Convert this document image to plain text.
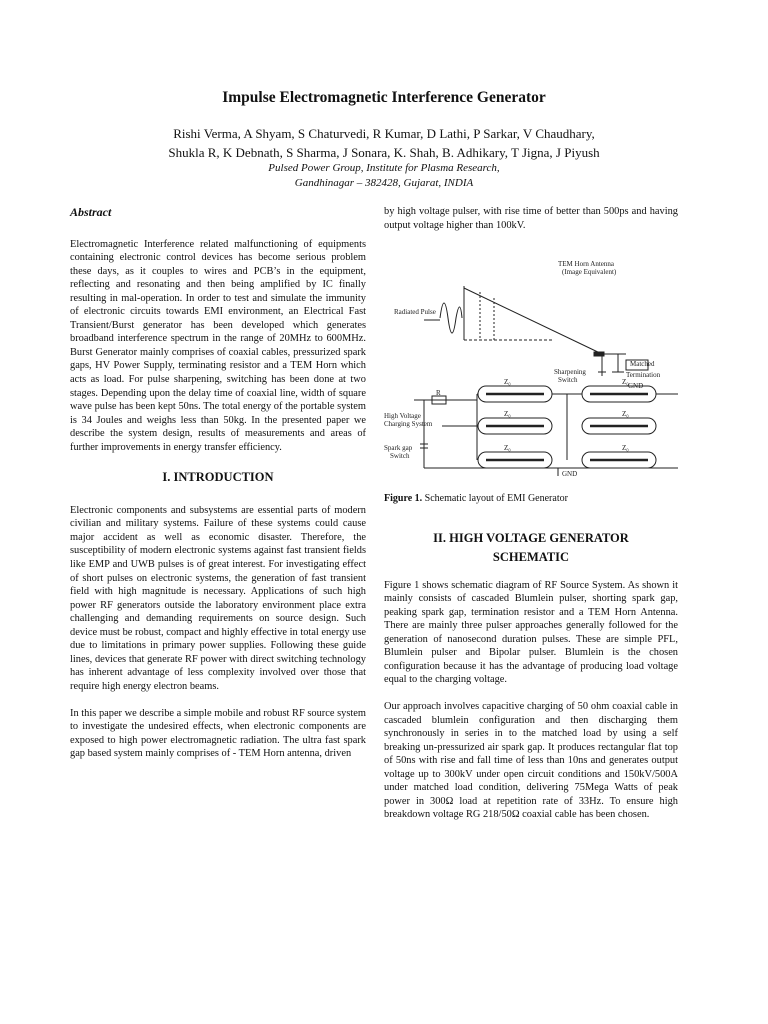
Impulse Electromagnetic Interference Generator
Rishi Verma, A Shyam, S Chaturvedi, R Kumar, D Lathi, P Sarkar, V Chaudhary,
Shukla R, K Debnath, S Sharma, J Sonara, K. Shah, B. Adhikary, T Jigna, J Piyush
Pulsed Power Group, Institute for Plasma Research,
Gandhinagar – 382428, Gujarat, INDIA
Abstract

Electromagnetic Interference related malfunctioning of equipments containing electronic control devices has become serious problem these days, as it couples to wires and PCB’s in the equipment, reflecting and resonating and then being amplified by IC finally resulting in mal-operation. In order to test and simulate the immunity of electronic circuits towards EMI environment, an Electrical Fast Transient/Burst generator has been developed which generates broadband interference spectrum in the range of 20MHz to 600MHz. Burst Generator mainly comprises of coaxial cables, pressurized spark gaps, HV Power Supply, terminating resistor and a TEM Horn which acts as load. For pulse sharpening, switching has been done at two stages. Depending upon the delay time of coaxial line, width of square wave pulse has been kept 50ns. The total energy of the portable system is 34 Joules and weighs less than 50kg. In the presented paper we describe the system design, results of measurements and areas of further improvements in energy transfer efficiency.

I. INTRODUCTION

Electronic components and subsystems are essential parts of modern civilian and military systems. Failure of these systems could cause major accident as well as economic disaster. Therefore, the susceptibility of modern electronic systems against fast transient fields like EMP and UWB pulses is of great interest. For investigating effect of short pulses on electronic systems, the generation of fast transient field with high magnitude is necessary. Applications of such high power RF generators outside the laboratory environment place extra challenging and demanding requirements on source design. Such device must be robust, compact and highly effective in total energy use due to limitations in primary power supplies. Following these guide lines, devices that generate RF power with direct switching technology has inherent advantage of less complexity involved over those that require high energy electron beams.

In this paper we describe a simple mobile and robust RF source system to investigate the undesired effects, when electronic components are exposed to high power electromagnetic radiation. The ultra fast spark gap based system mainly comprises of - TEM Horn antenna, driven

by high voltage pulser, with rise time of better than 500ps and having output voltage higher than 100kV.

TEM Horn Antenna
(Image Equivalent)
Radiated Pulse
Matched
Termination
GND
Sharpening
Switch
Z₀	Z₀
Z₀	Z₀
Z₀	Z₀
R
High Voltage
Charging System
Spark gap
Switch
GND
Figure 1. Schematic layout of EMI Generator
II. HIGH VOLTAGE GENERATOR
SCHEMATIC

Figure 1 shows schematic diagram of RF Source System. As shown it mainly consists of cascaded Blumlein pulser, shorting spark gap, peaking spark gap, termination resistor and a TEM Horn Antenna. There are mainly three pulser approaches generally followed for the generation of nanosecond duration pulses. These are simple PFL, Blumlein pulser and Bipolar pulser. Blumlein is the chosen configuration because it has the advantage of producing load voltage equal to the charging voltage.

Our approach involves capacitive charging of 50 ohm coaxial cable in cascaded blumlein configuration and then discharging them synchronously in series in to the matched load by using a self breaking un-pressurized air spark gap. It produces rectangular flat top of 50ns with rise and fall time of less than 10ns and generates output voltage up to 300kV under open circuit conditions and 150kV/500A under matched load condition, delivering 75Mega Watts of peak power in 300Ω load at repetition rate of 33Hz. To ensure high breakdown voltage RG 218/50Ω coaxial cable has been chosen.
